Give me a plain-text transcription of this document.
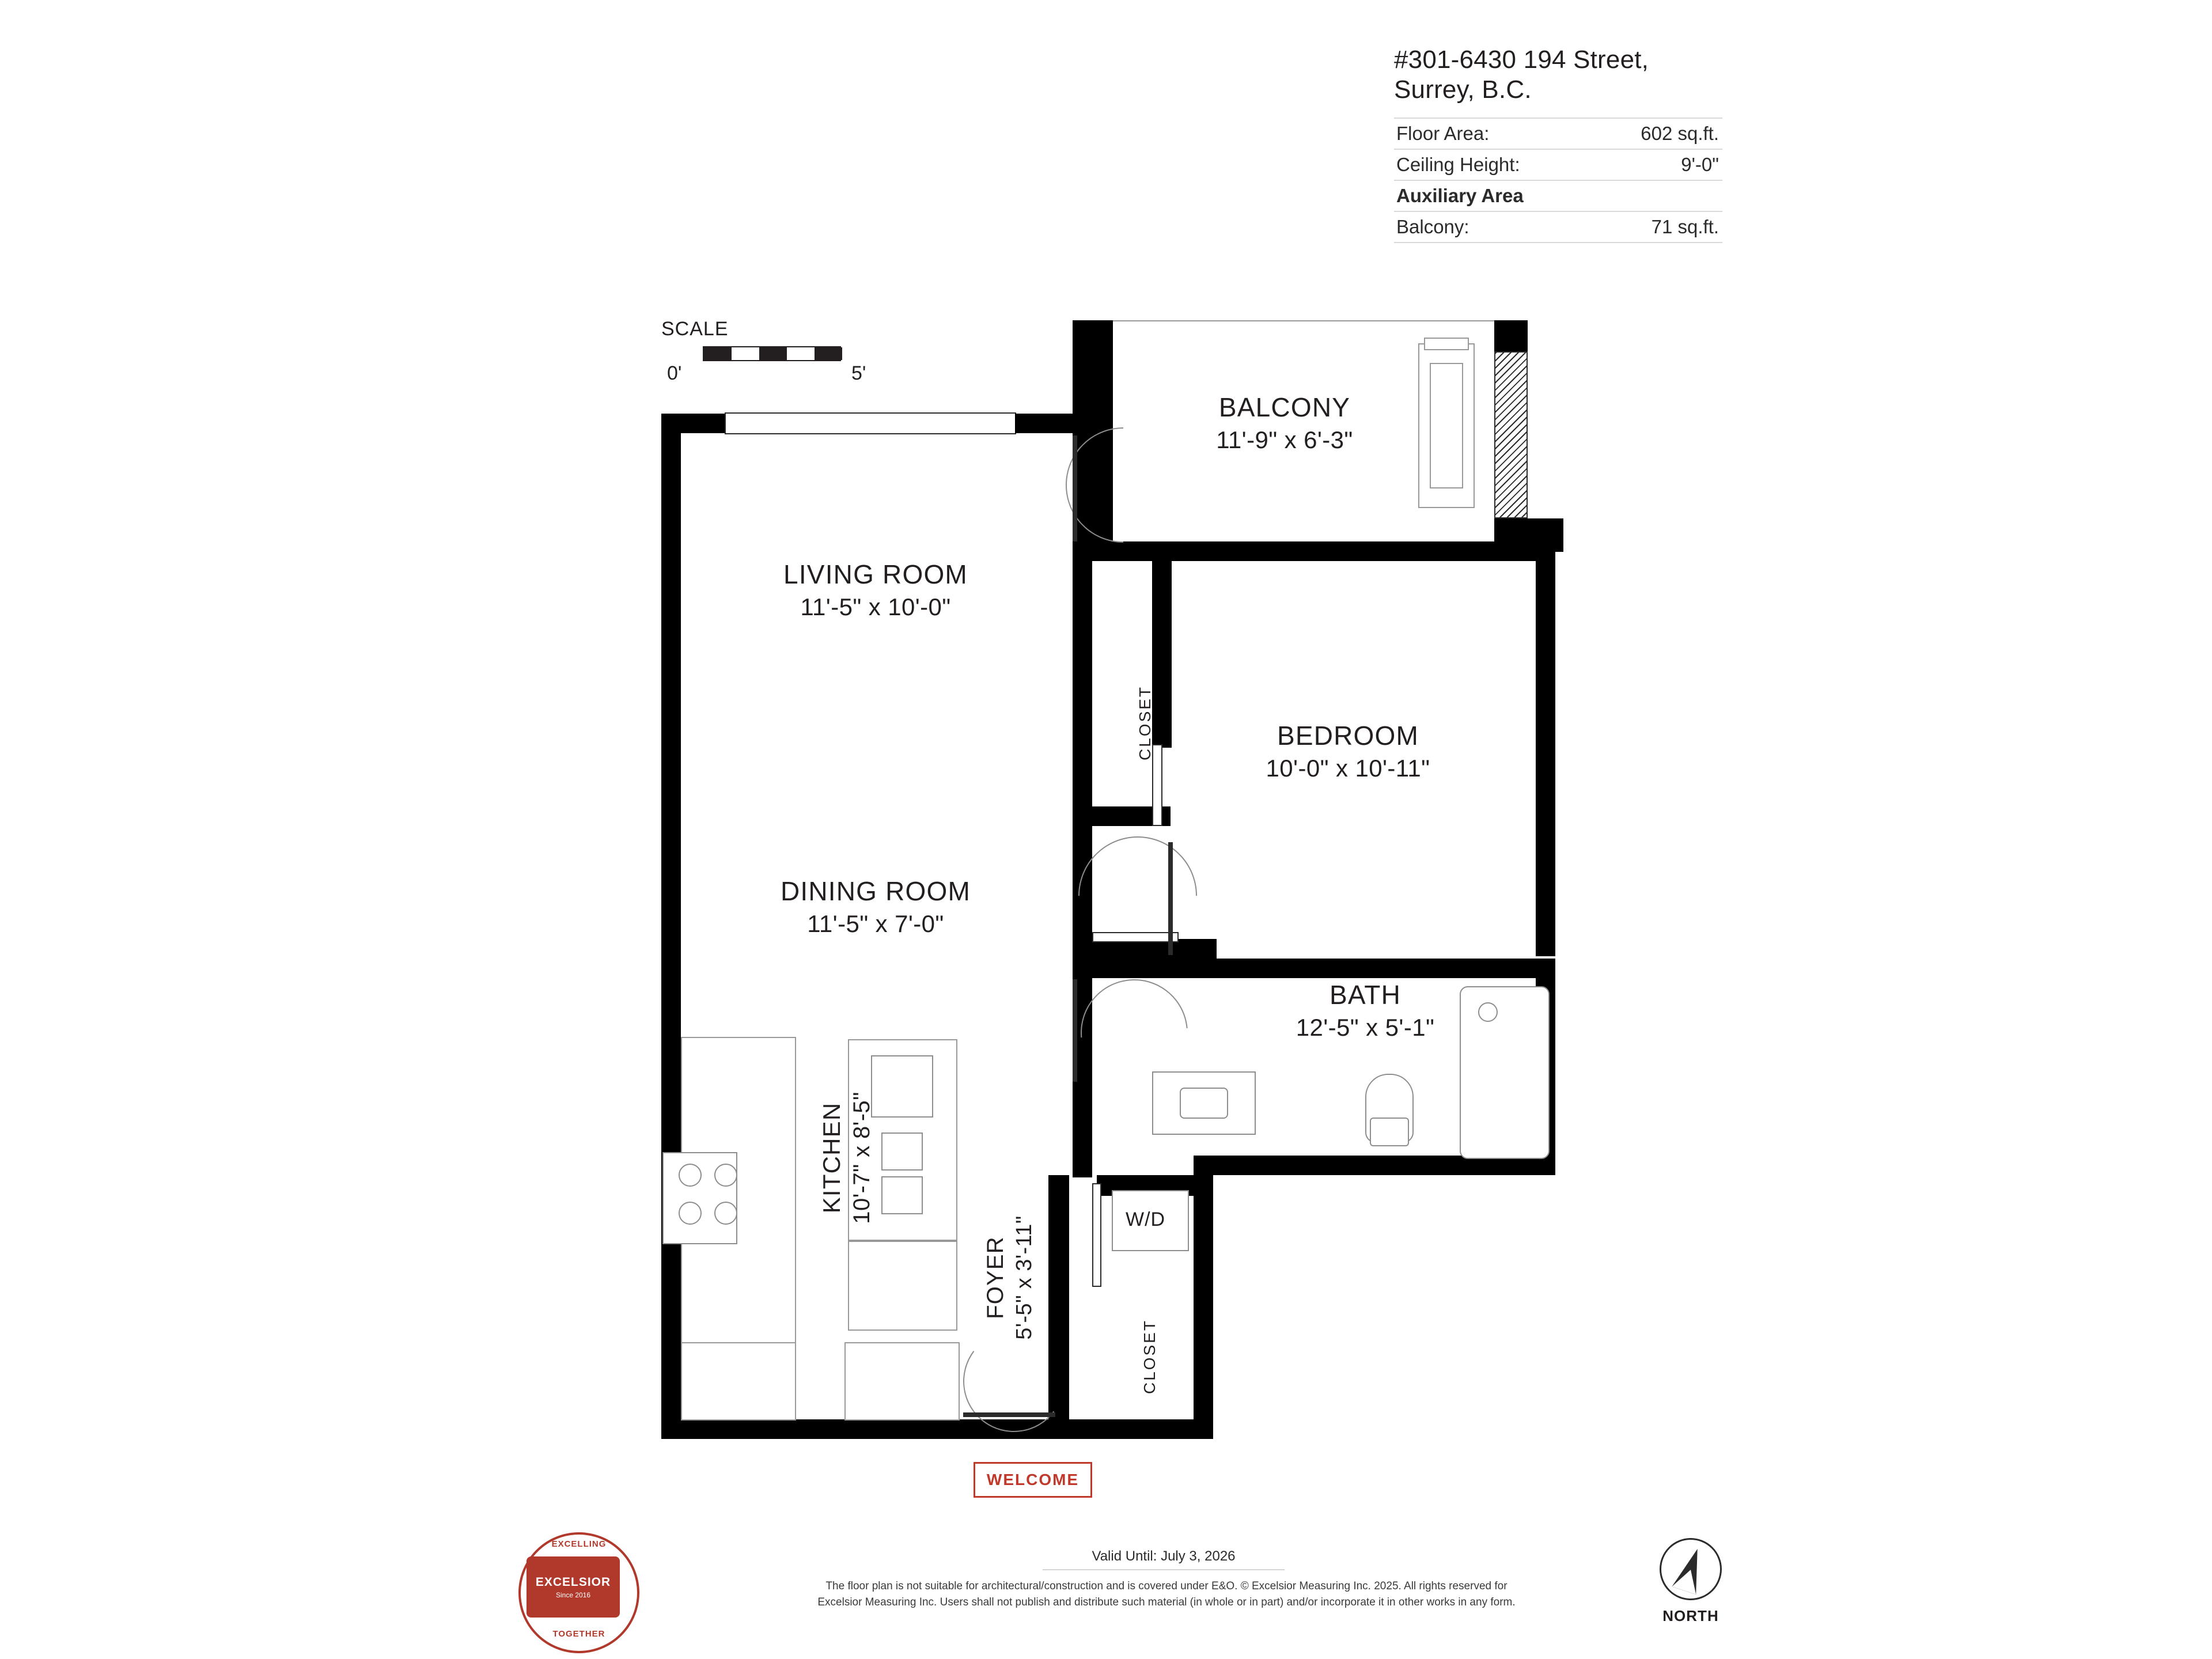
#301-6430 194 Street,
Surrey, B.C.
Floor Area:	602 sq.ft.
Ceiling Height:	9'-0"
Auxiliary Area
Balcony:	71 sq.ft.
SCALE
0'	5'
BALCONY
11'-9" x 6'-3"
BEDROOM
10'-0" x 10'-11"
BATH
12'-5" x 5'-1"
W/D
CLOSET
CLOSET
LIVING ROOM
11'-5" x 10'-0"
DINING ROOM
11'-5" x 7'-0"
KITCHEN 10'-7" x 8'-5"
FOYER 5'-5" x 3'-11"
WELCOME
Valid Until: July 3, 2026
The floor plan is not suitable for architectural/construction and is covered under E&O. © Excelsior Measuring Inc. 2025. All rights reserved for
Excelsior Measuring Inc. Users shall not publish and distribute such material (in whole or in part) and/or incorporate it in other works in any form.
EXCELLING
TOGETHER
EXCELSIOR
Since 2016
NORTH
